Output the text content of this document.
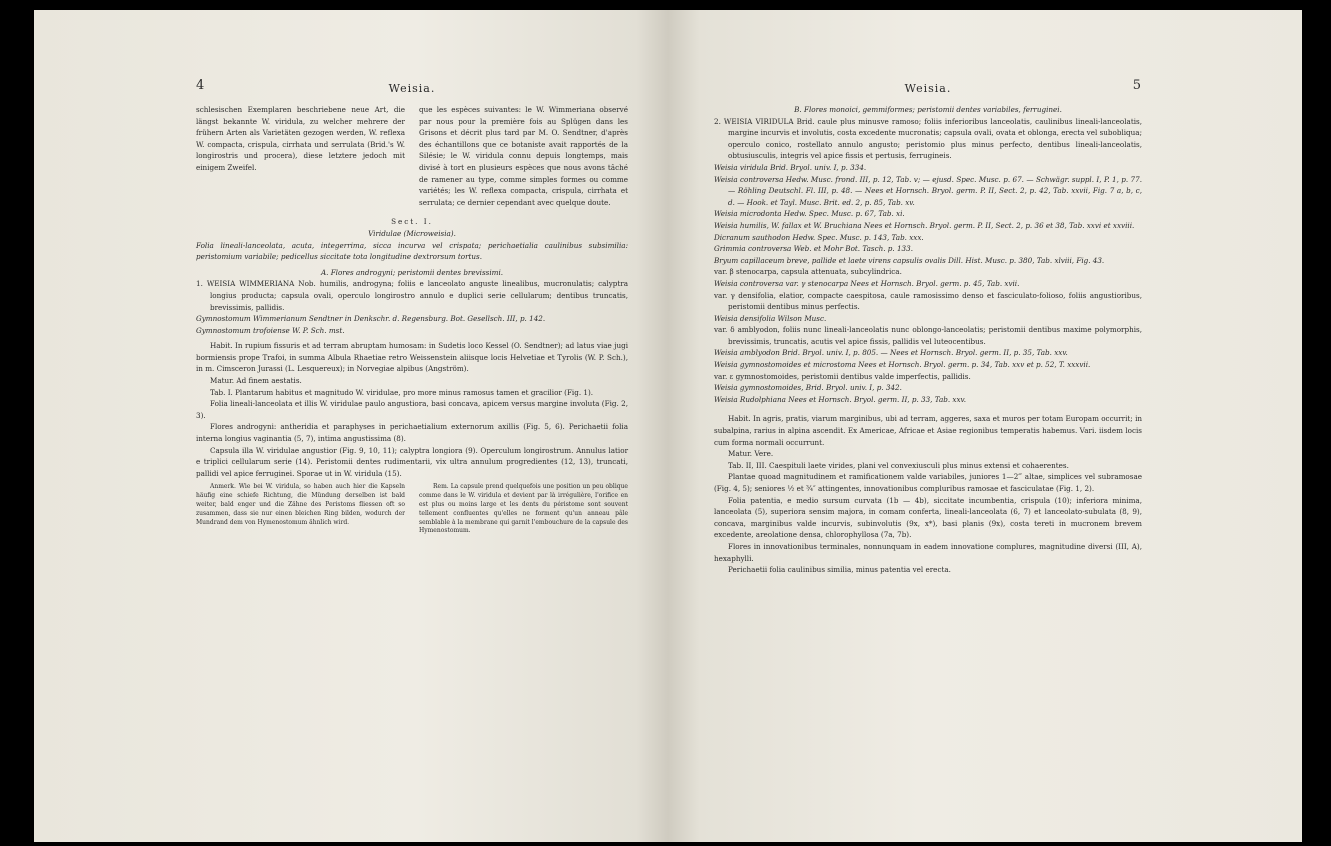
4	Weisia.
schlesischen Exemplaren beschriebene neue Art, die längst bekannte W. viridula, zu welcher mehrere der frühern Arten als Varietäten gezogen werden, W. reflexa W. compacta, crispula, cirrhata und serrulata (Brid.'s W. longirostris und procera), diese letztere jedoch mit einigem Zweifel.
que les espèces suivantes: le W. Wimmeriana observé par nous pour la première fois au Splügen dans les Grisons et décrit plus tard par M. O. Sendtner, d'après des échantillons que ce botaniste avait rapportés de la Silésie; le W. viridula connu depuis longtemps, mais divisé à tort en plusieurs espèces que nous avons tâché de ramener au type, comme simples formes ou comme variétés; les W. reflexa compacta, crispula, cirrhata et serrulata; ce dernier cependant avec quelque doute.
Sect. I.
Viridulae (Microweisia).
Folia lineali-lanceolata, acuta, integerrima, sicca incurva vel crispata; perichaetialia caulinibus subsimilia: peristomium variabile; pedicellus siccitate tota longitudine dextrorsum tortus.
A. Flores androgyni; peristomii dentes brevissimi.
1. WEISIA WIMMERIANA Nob. humilis, androgyna; foliis e lanceolato anguste linealibus, mucronulatis; calyptra longius producta; capsula ovali, operculo longirostro annulo e duplici serie cellularum; dentibus truncatis, brevissimis, pallidis.
Gymnostomum Wimmerianum Sendtner in Denkschr. d. Regensburg. Bot. Gesellsch. III, p. 142.
Gymnostomum trofoiense W. P. Sch. mst.
Habit. In rupium fissuris et ad terram abruptam humosam: in Sudetis loco Kessel (O. Sendtner); ad latus viae jugi bormiensis prope Trafoi, in summa Albula Rhaetiae retro Weissenstein aliisque locis Helvetiae et Tyrolis (W. P. Sch.), in m. Cimsceron Jurassi (L. Lesquereux); in Norvegiae alpibus (Angström).
Matur. Ad finem aestatis.
Tab. I. Plantarum habitus et magnitudo W. viridulae, pro more minus ramosus tamen et gracilior (Fig. 1).
Folia lineali-lanceolata et illis W. viridulae paulo angustiora, basi concava, apicem versus margine involuta (Fig. 2, 3).
Flores androgyni: antheridia et paraphyses in perichaetialium externorum axillis (Fig. 5, 6). Perichaetii folia interna longius vaginantia (5, 7), intima angustissima (8).
Capsula illa W. viridulae angustior (Fig. 9, 10, 11); calyptra longiora (9). Operculum longirostrum. Annulus latior e triplici cellularum serie (14). Peristomii dentes rudimentarii, vix ultra annulum progredientes (12, 13), truncati, pallidi vel apice ferruginei. Sporae ut in W. viridula (15).
Anmerk. Wie bei W. viridula, so haben auch hier die Kapseln häufig eine schiefe Richtung, die Mündung derselben ist bald weiter, bald enger und die Zähne des Peristoms fliessen oft so zusammen, dass sie nur einen bleichen Ring bilden, wodurch der Mundrand dem von Hymenostomum ähnlich wird.
Rem. La capsule prend quelquefois une position un peu oblique comme dans le W. viridula et devient par là irrégulière, l'orifice en est plus ou moins large et les dents du péristome sont souvent tellement confluentes qu'elles ne forment qu'un anneau pâle semblable à la membrane qui garnit l'embouchure de la capsule des Hymenostomum.
Weisia.	5
B. Flores monoici, gemmiformes; peristomii dentes variabiles, ferruginei.
2. WEISIA VIRIDULA Brid. caule plus minusve ramoso; foliis inferioribus lanceolatis, caulinibus lineali-lanceolatis, margine incurvis et involutis, costa excedente mucronatis; capsula ovali, ovata et oblonga, erecta vel subobliqua; operculo conico, rostellato annulo angusto; peristomio plus minus perfecto, dentibus lineali-lanceolatis, obtusiusculis, integris vel apice fissis et pertusis, ferrugineis.
Weisia viridula Brid. Bryol. univ. I, p. 334.
Weisia controversa Hedw. Musc. frond. III, p. 12, Tab. v; — ejusd. Spec. Musc. p. 67. — Schwägr. suppl. I, P. 1, p. 77. — Röhling Deutschl. Fl. III, p. 48. — Nees et Hornsch. Bryol. germ. P. II, Sect. 2, p. 42, Tab. xxvii, Fig. 7 a, b, c, d. — Hook. et Tayl. Musc. Brit. ed. 2, p. 85, Tab. xv.
Weisia microdonta Hedw. Spec. Musc. p. 67, Tab. xi.
Weisia humilis, W. fallax et W. Bruchiana Nees et Hornsch. Bryol. germ. P. II, Sect. 2, p. 36 et 38, Tab. xxvi et xxviii.
Dicranum sauthodon Hedw. Spec. Musc. p. 143, Tab. xxx.
Grimmia controversa Web. et Mohr Bot. Tasch. p. 133.
Bryum capillaceum breve, pallide et laete virens capsulis ovalis Dill. Hist. Musc. p. 380, Tab. xlviii, Fig. 43.
var. β stenocarpa, capsula attenuata, subcylindrica.
Weisia controversa var. γ stenocarpa Nees et Hornsch. Bryol. germ. p. 45, Tab. xvii.
var. γ densifolia, elatior, compacte caespitosa, caule ramosissimo denso et fasciculato-folioso, foliis angustioribus, peristomii dentibus minus perfectis.
Weisia densifolia Wilson Musc.
var. δ amblyodon, foliis nunc lineali-lanceolatis nunc oblongo-lanceolatis; peristomii dentibus maxime polymorphis, brevissimis, truncatis, acutis vel apice fissis, pallidis vel luteocentibus.
Weisia amblyodon Brid. Bryol. univ. I, p. 805. — Nees et Hornsch. Bryol. germ. II, p. 35, Tab. xxv.
Weisia gymnostomoides et microstoma Nees et Hornsch. Bryol. germ. p. 34, Tab. xxv et p. 52, T. xxxvii.
var. ε gymnostomoides, peristomii dentibus valde imperfectis, pallidis.
Weisia gymnostomoides, Brid. Bryol. univ. I, p. 342.
Weisia Rudolphiana Nees et Hornsch. Bryol. germ. II, p. 33, Tab. xxv.
Habit. In agris, pratis, viarum marginibus, ubi ad terram, aggeres, saxa et muros per totam Europam occurrit; in subalpina, rarius in alpina ascendit. Ex Americae, Africae et Asiae regionibus temperatis habemus. Vari. iisdem locis cum forma normali occurrunt.
Matur. Vere.
Tab. II, III. Caespituli laete virides, plani vel convexiusculi plus minus extensi et cohaerentes.
Plantae quoad magnitudinem et ramificationem valde variabiles, juniores 1—2‴ altae, simplices vel subramosae (Fig. 4, 5); seniores ½ et ¾″ attingentes, innovationibus compluribus ramosae et fasciculatae (Fig. 1, 2).
Folia patentia, e medio sursum curvata (1b — 4b), siccitate incumbentia, crispula (10); inferiora minima, lanceolata (5), superiora sensim majora, in comam conferta, lineali-lanceolata (6, 7) et lanceolato-subulata (8, 9), concava, marginibus valde incurvis, subinvolutis (9x, x*), basi planis (9x), costa tereti in mucronem brevem excedente, areolatione densa, chlorophyllosa (7a, 7b).
Flores in innovationibus terminales, nonnunquam in eadem innovatione complures, magnitudine diversi (III, A), hexaphylli.
Perichaetii folia caulinibus similia, minus patentia vel erecta.
